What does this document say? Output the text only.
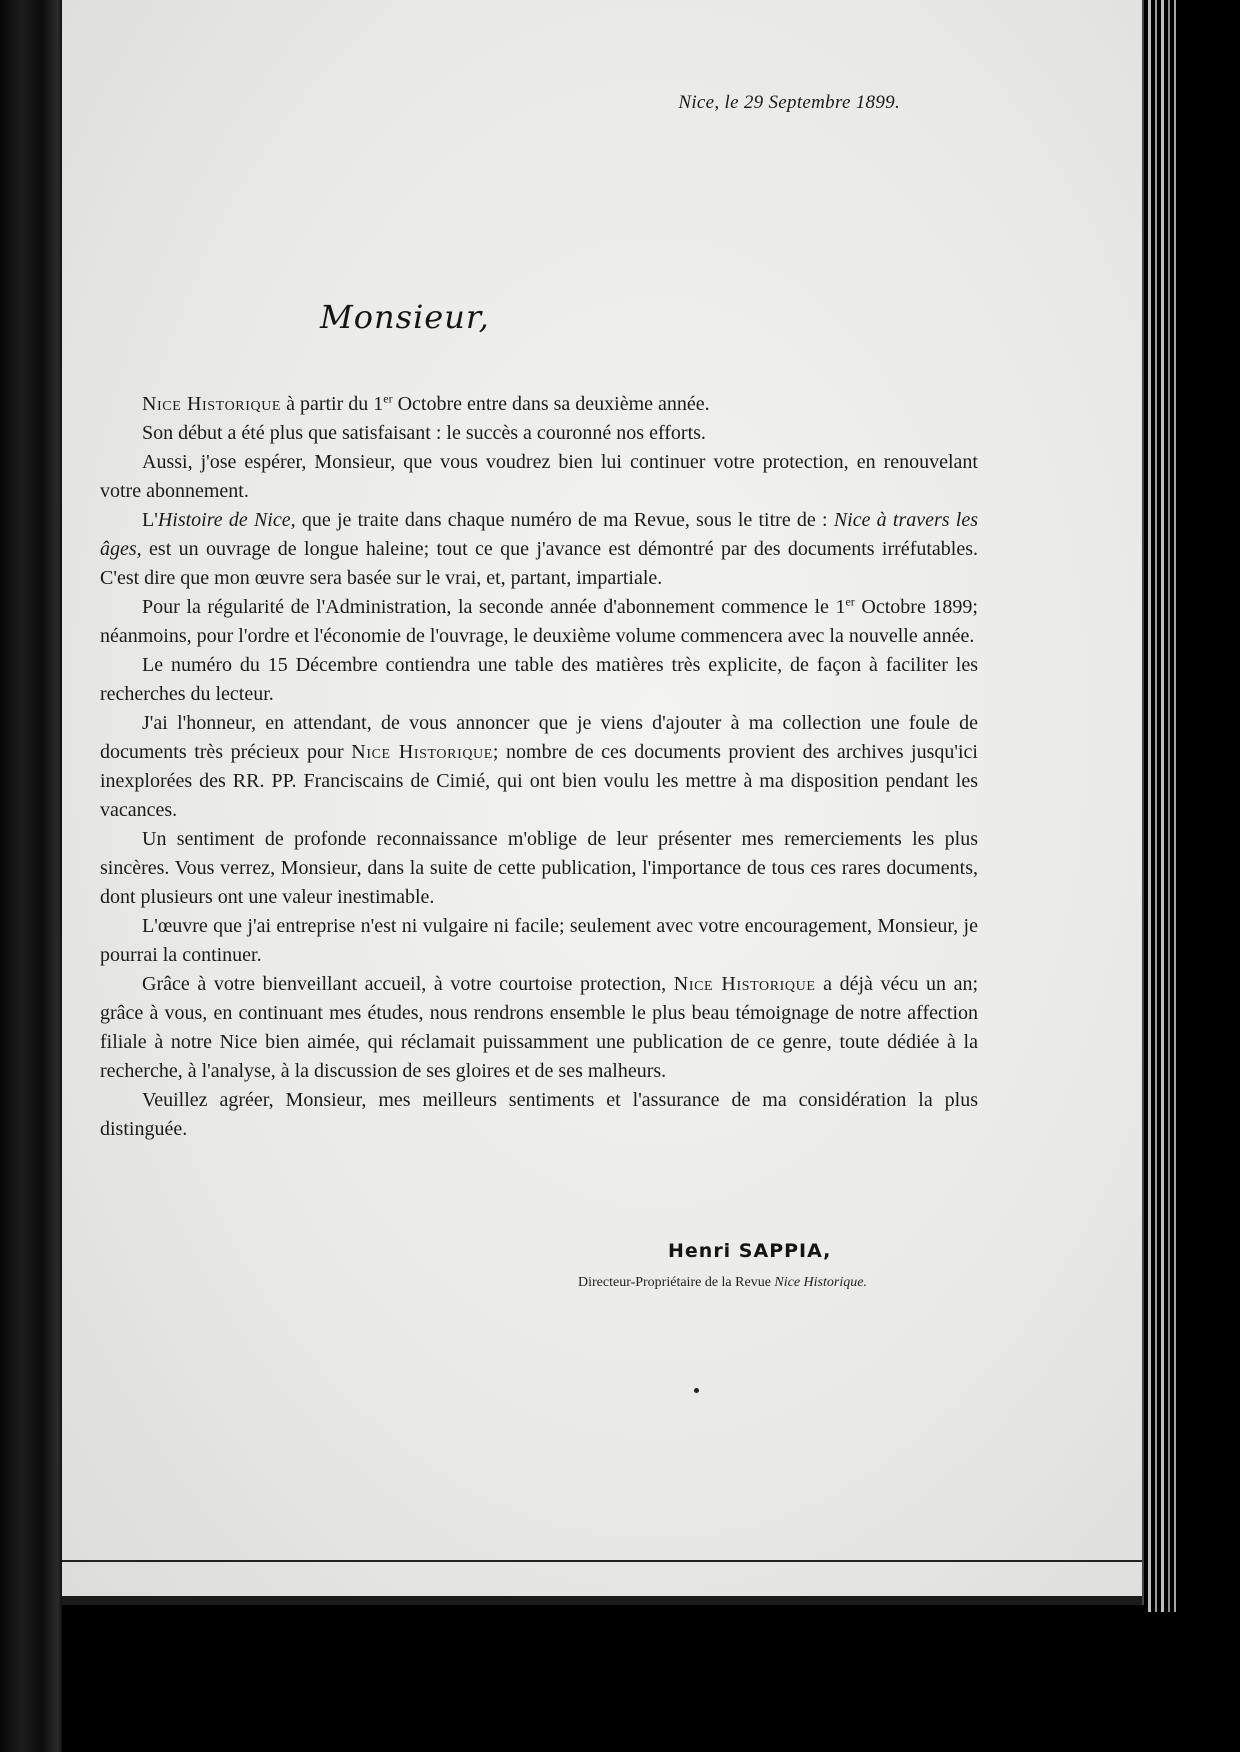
Nice, le 29 Septembre 1899.
Monsieur,

Nice Historique à partir du 1er Octobre entre dans sa deuxième année.

Son début a été plus que satisfaisant : le succès a couronné nos efforts.

Aussi, j'ose espérer, Monsieur, que vous voudrez bien lui continuer votre protection, en renouvelant votre abonnement.

L'Histoire de Nice, que je traite dans chaque numéro de ma Revue, sous le titre de : Nice à travers les âges, est un ouvrage de longue haleine; tout ce que j'avance est démontré par des documents irréfutables. C'est dire que mon œuvre sera basée sur le vrai, et, partant, impartiale.

Pour la régularité de l'Administration, la seconde année d'abonnement commence le 1er Octobre 1899; néanmoins, pour l'ordre et l'économie de l'ouvrage, le deuxième volume commencera avec la nouvelle année.

Le numéro du 15 Décembre contiendra une table des matières très explicite, de façon à faciliter les recherches du lecteur.

J'ai l'honneur, en attendant, de vous annoncer que je viens d'ajouter à ma collection une foule de documents très précieux pour Nice Historique; nombre de ces documents provient des archives jusqu'ici inexplorées des RR. PP. Franciscains de Cimié, qui ont bien voulu les mettre à ma disposition pendant les vacances.

Un sentiment de profonde reconnaissance m'oblige de leur présenter mes remerciements les plus sincères. Vous verrez, Monsieur, dans la suite de cette publication, l'importance de tous ces rares documents, dont plusieurs ont une valeur inestimable.

L'œuvre que j'ai entreprise n'est ni vulgaire ni facile; seulement avec votre encouragement, Monsieur, je pourrai la continuer.

Grâce à votre bienveillant accueil, à votre courtoise protection, Nice Historique a déjà vécu un an; grâce à vous, en continuant mes études, nous rendrons ensemble le plus beau témoignage de notre affection filiale à notre Nice bien aimée, qui réclamait puissamment une publication de ce genre, toute dédiée à la recherche, à l'analyse, à la discussion de ses gloires et de ses malheurs.

Veuillez agréer, Monsieur, mes meilleurs sentiments et l'assurance de ma considération la plus distinguée.

Henri SAPPIA,
Directeur-Propriétaire de la Revue Nice Historique.
